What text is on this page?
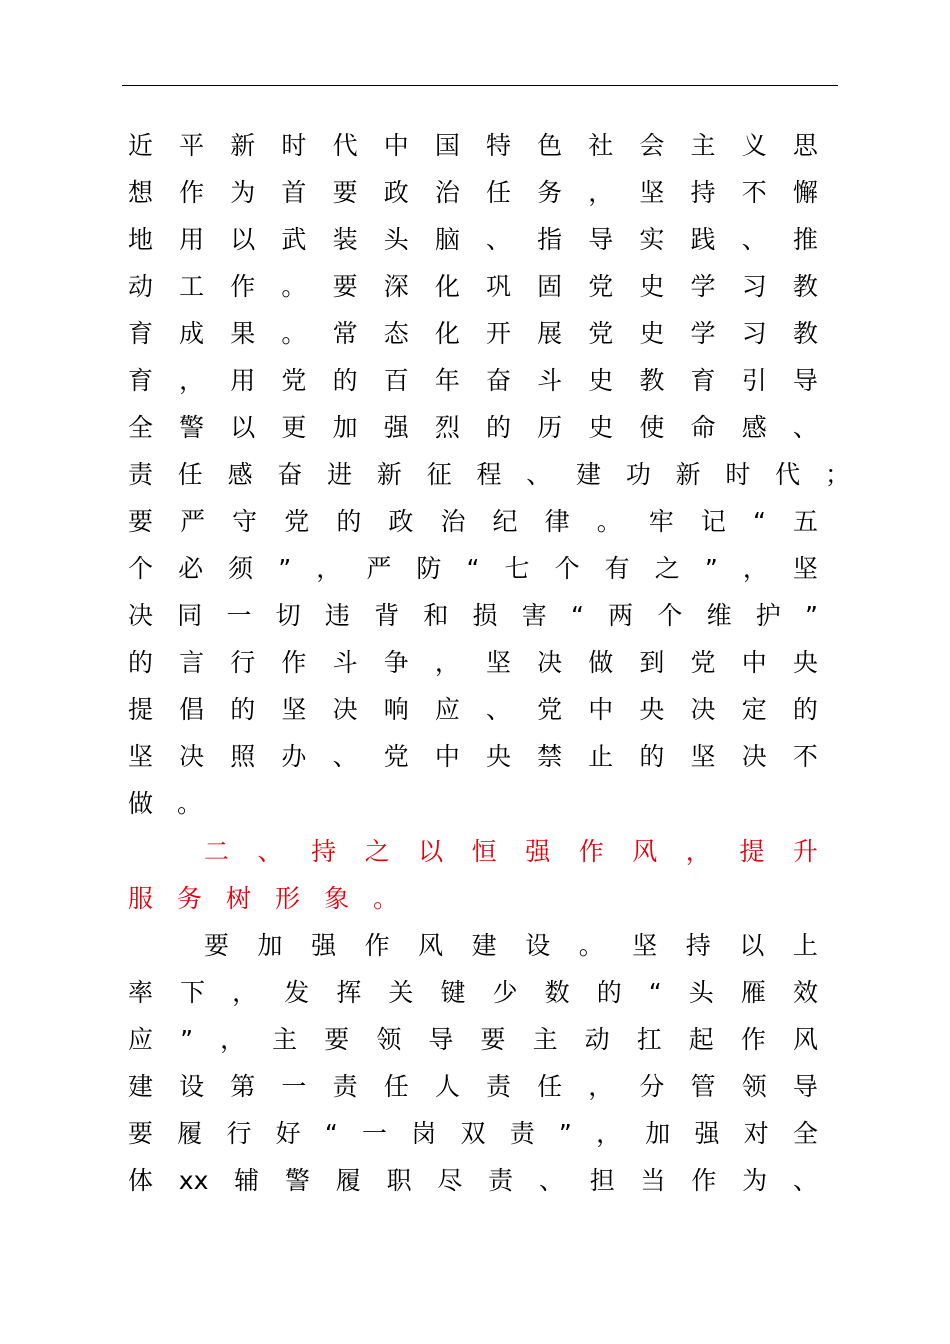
近 平 新 时 代 中 国 特 色 社 会 主 义 思
想 作 为 首 要 政 治 任 务 ， 坚 持 不 懈
地 用 以 武 装 头 脑 、 指 导 实 践 、 推
动 工 作 。 要 深 化 巩 固 党 史 学 习 教
育 成 果 。 常 态 化 开 展 党 史 学 习 教
育 ， 用 党 的 百 年 奋 斗 史 教 育 引 导
全 警 以 更 加 强 烈 的 历 史 使 命 感 、
责 任 感 奋 进 新 征 程 、 建 功 新 时 代 ；
要 严 守 党 的 政 治 纪 律 。 牢 记 “ 五
个 必 须 ” ， 严 防 “ 七 个 有 之 ” ， 坚
决 同 一 切 违 背 和 损 害 “ 两 个 维 护 ”
的 言 行 作 斗 争 ， 坚 决 做 到 党 中 央
提 倡 的 坚 决 响 应 、 党 中 央 决 定 的
坚 决 照 办 、 党 中 央 禁 止 的 坚 决 不
做 。
二 、 持 之 以 恒 强 作 风 ， 提 升
服 务 树 形 象 。
要 加 强 作 风 建 设 。 坚 持 以 上
率 下 ， 发 挥 关 键 少 数 的 “ 头 雁 效
应 ” ， 主 要 领 导 要 主 动 扛 起 作 风
建 设 第 一 责 任 人 责 任 ， 分 管 领 导
要 履 行 好 “ 一 岗 双 责 ” ， 加 强 对 全
体 xx 辅 警 履 职 尽 责 、 担 当 作 为 、
